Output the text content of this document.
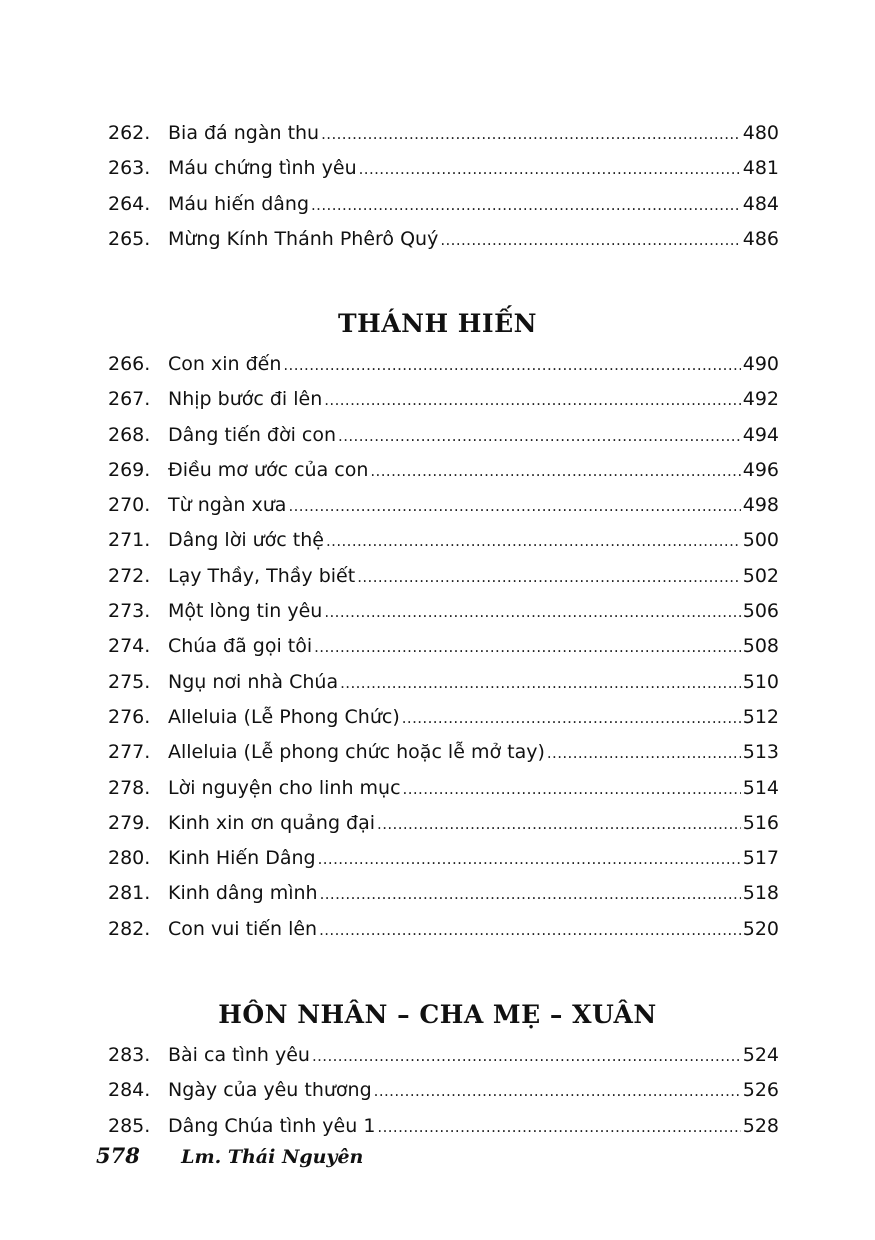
262. Bia đá ngàn thu .....	480
263. Máu chứng tình yêu .....	481
264. Máu hiến dâng .....	484
265. Mừng Kính Thánh Phêrô Quý .....	486
THÁNH HIẾN
266. Con xin đến .....	490
267. Nhịp bước đi lên .....	492
268. Dâng tiến đời con .....	494
269. Điều mơ ước của con .....	496
270. Từ ngàn xưa .....	498
271. Dâng lời ước thệ .....	500
272. Lạy Thầy, Thầy biết .....	502
273. Một lòng tin yêu .....	506
274. Chúa đã gọi tôi .....	508
275. Ngụ nơi nhà Chúa .....	510
276. Alleluia (Lễ Phong Chức) .....	512
277. Alleluia (Lễ phong chức hoặc lễ mở tay) .....	513
278. Lời nguyện cho linh mục .....	514
279. Kinh xin ơn quảng đại .....	516
280. Kinh Hiến Dâng .....	517
281. Kinh dâng mình .....	518
282. Con vui tiến lên .....	520
HÔN NHÂN – CHA MẸ – XUÂN
283. Bài ca tình yêu .....	524
284. Ngày của yêu thương .....	526
285. Dâng Chúa tình yêu 1 .....	528
578 Lm. Thái Nguyên
